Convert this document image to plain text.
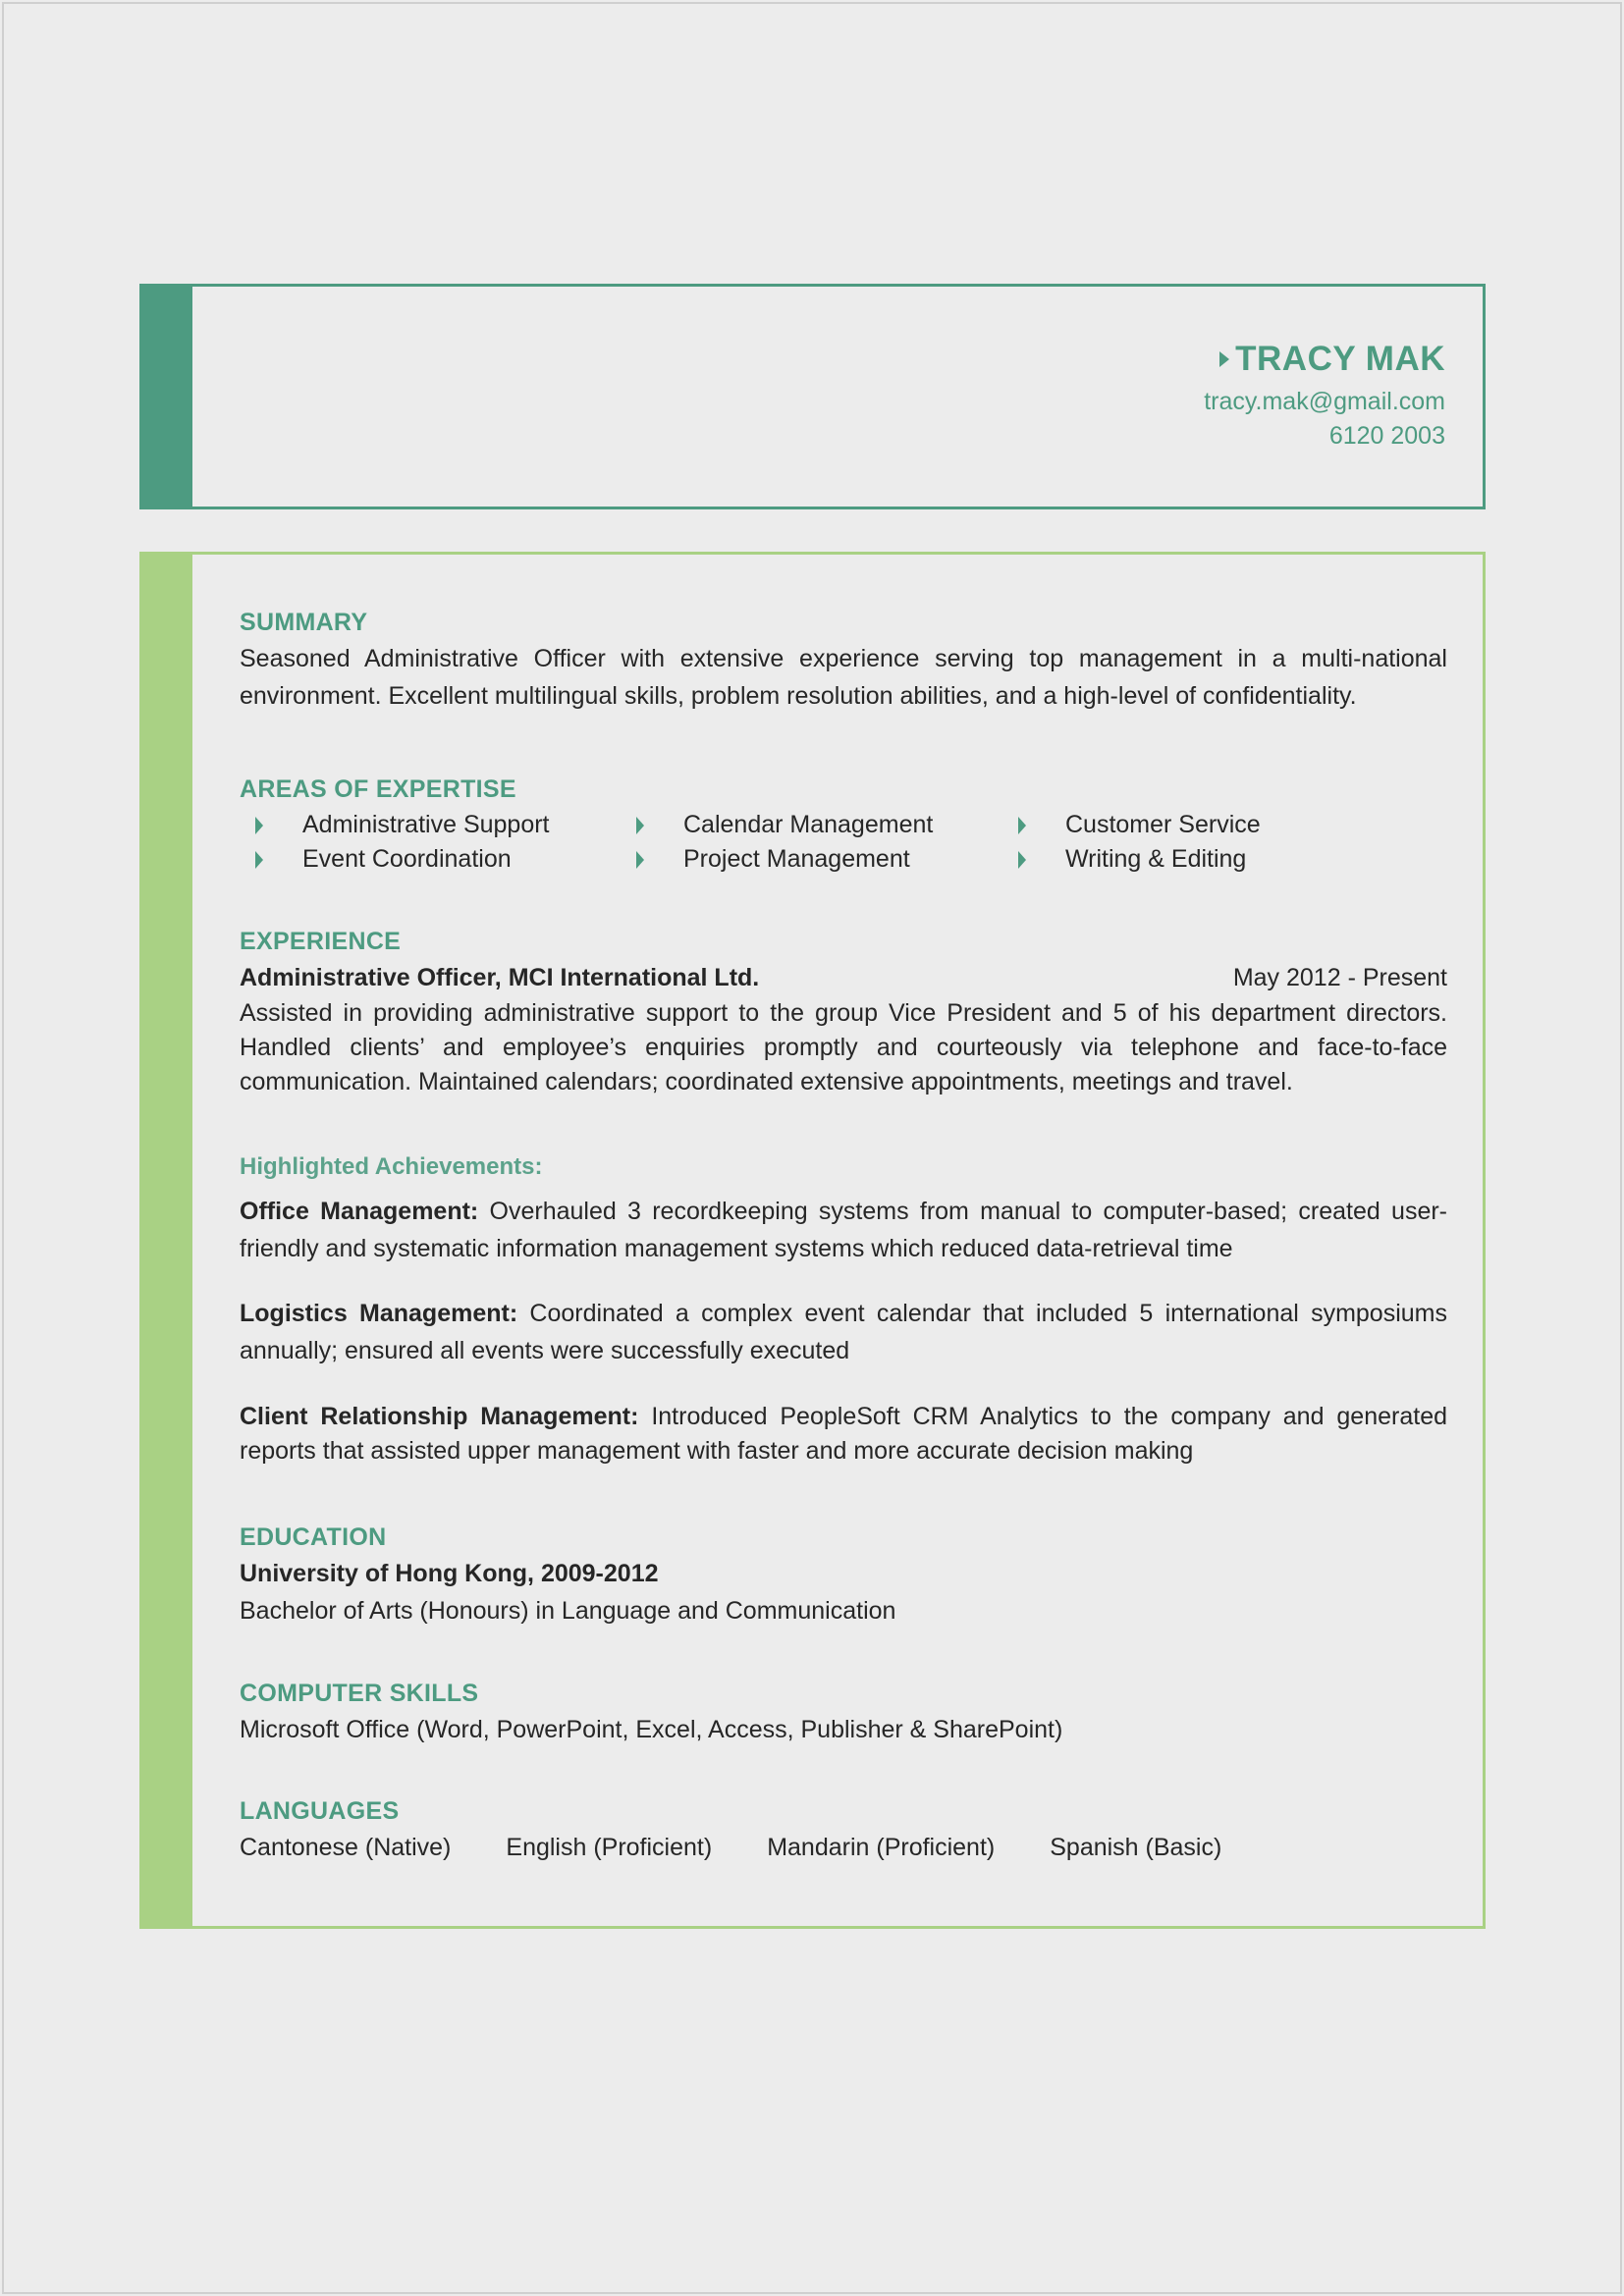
TRACY MAK
tracy.mak@gmail.com
6120 2003
SUMMARY
Seasoned Administrative Officer with extensive experience serving top management in a multi-national environment. Excellent multilingual skills, problem resolution abilities, and a high-level of confidentiality.
AREAS OF EXPERTISE
Administrative Support	Calendar Management	Customer Service
Event Coordination	Project Management	Writing & Editing
EXPERIENCE
Administrative Officer, MCI International Ltd.	May 2012 - Present
Assisted in providing administrative support to the group Vice President and 5 of his department directors. Handled clients’ and employee’s enquiries promptly and courteously via telephone and face-to-face communication. Maintained calendars; coordinated extensive appointments, meetings and travel.
Highlighted Achievements:
Office Management: Overhauled 3 recordkeeping systems from manual to computer-based; created user-friendly and systematic information management systems which reduced data-retrieval time
Logistics Management: Coordinated a complex event calendar that included 5 international symposiums annually; ensured all events were successfully executed
Client Relationship Management: Introduced PeopleSoft CRM Analytics to the company and generated reports that assisted upper management with faster and more accurate decision making
EDUCATION
University of Hong Kong, 2009-2012
Bachelor of Arts (Honours) in Language and Communication
COMPUTER SKILLS
Microsoft Office (Word, PowerPoint, Excel, Access, Publisher & SharePoint)
LANGUAGES
Cantonese (Native) English (Proficient) Mandarin (Proficient) Spanish (Basic)
